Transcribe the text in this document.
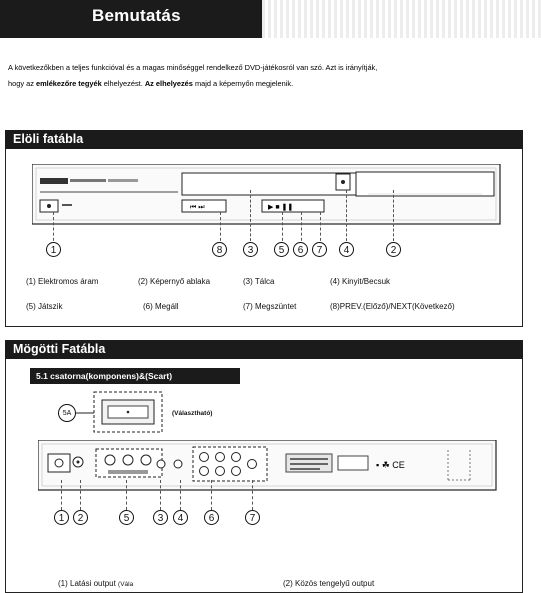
Bemutatás
A következőkben a teljes funkcióval és a magas minőséggel rendelkező DVD-játékosról van szó. Azt is irányítják,
hogy az emlékezőre tegyék elhelyezést. Az elhelyezés majd a képernyőn megjelenik.
Elöli fatábla
⏮ ⏭	▶ ■ ❚❚
1	8	3	5	6	7	4	2
(1) Elektromos áram	(2) Képernyő ablaka	(3) Tálca	(4) Kinyit/Becsuk
(5) Játszik	(6) Megáll	(7) Megszüntet	(8)PREV.(Előző)/NEXT(Következő)
Mögötti Fatábla
5.1 csatorna(komponens)&(Scart)
5A	(Választható)
▪ ☘ CE
1	2	5	3	4	6	7
(1) Latási output (Vála	(2) Közös tengelyű output
